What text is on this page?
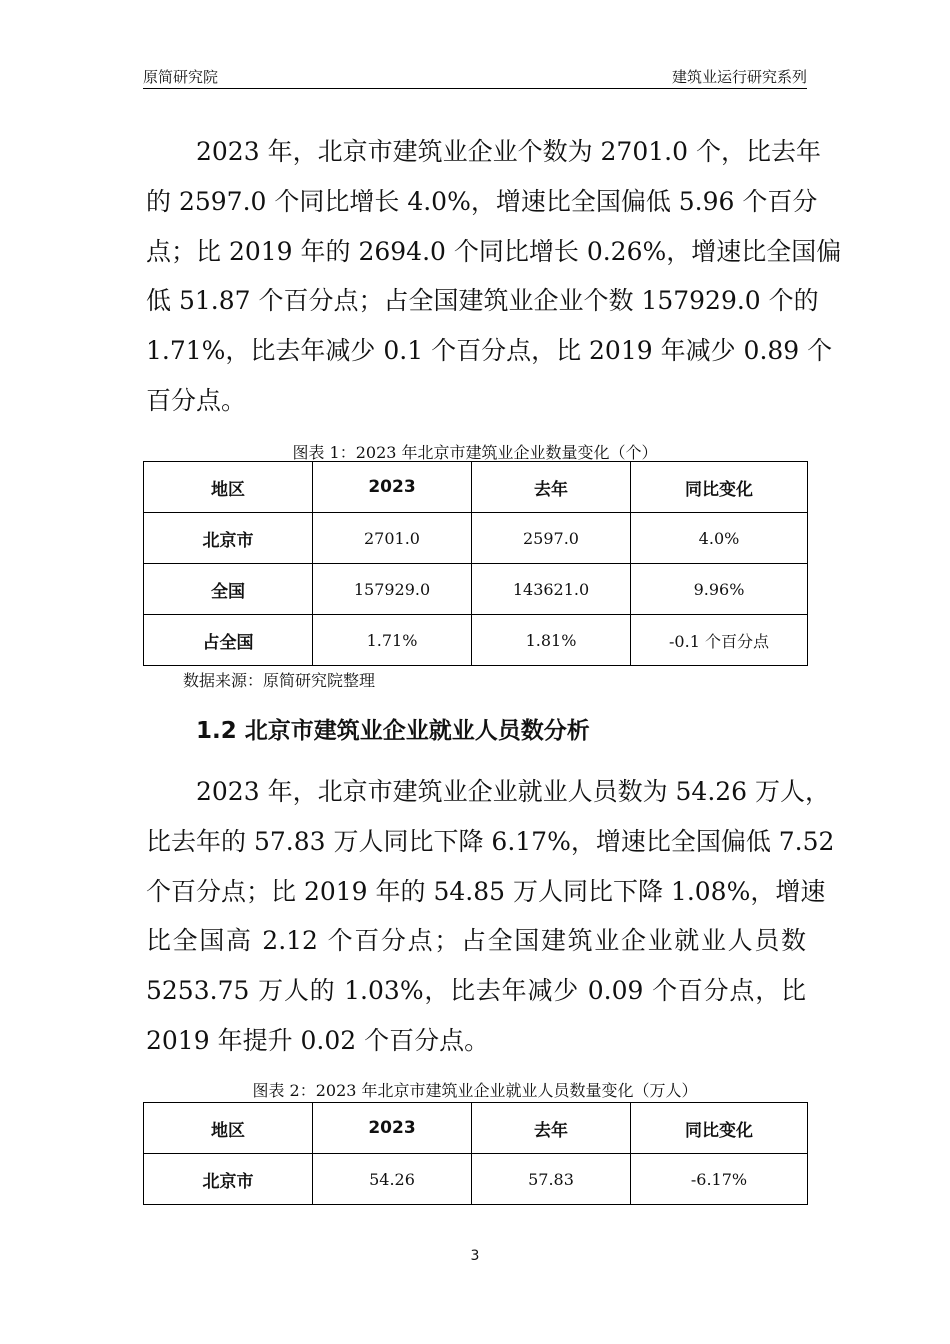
原简研究院	建筑业运行研究系列
2023 年，北京市建筑业企业个数为 2701.0 个，比去年
的 2597.0 个同比增长 4.0%，增速比全国偏低 5.96 个百分
点；比 2019 年的 2694.0 个同比增长 0.26%，增速比全国偏
低 51.87 个百分点；占全国建筑业企业个数 157929.0 个的
1.71%，比去年减少 0.1 个百分点，比 2019 年减少 0.89 个
百分点。
图表 1：2023 年北京市建筑业企业数量变化（个）
地区	2023	去年	同比变化
北京市	2701.0	2597.0	4.0%
全国	157929.0	143621.0	9.96%
占全国	1.71%	1.81%	-0.1 个百分点
数据来源：原简研究院整理
1.2 北京市建筑业企业就业人员数分析
2023 年，北京市建筑业企业就业人员数为 54.26 万人，
比去年的 57.83 万人同比下降 6.17%，增速比全国偏低 7.52
个百分点；比 2019 年的 54.85 万人同比下降 1.08%，增速
比全国高 2.12 个百分点；占全国建筑业企业就业人员数
5253.75 万人的 1.03%，比去年减少 0.09 个百分点，比
2019 年提升 0.02 个百分点。
图表 2：2023 年北京市建筑业企业就业人员数量变化（万人）
地区	2023	去年	同比变化
北京市	54.26	57.83	-6.17%
3
